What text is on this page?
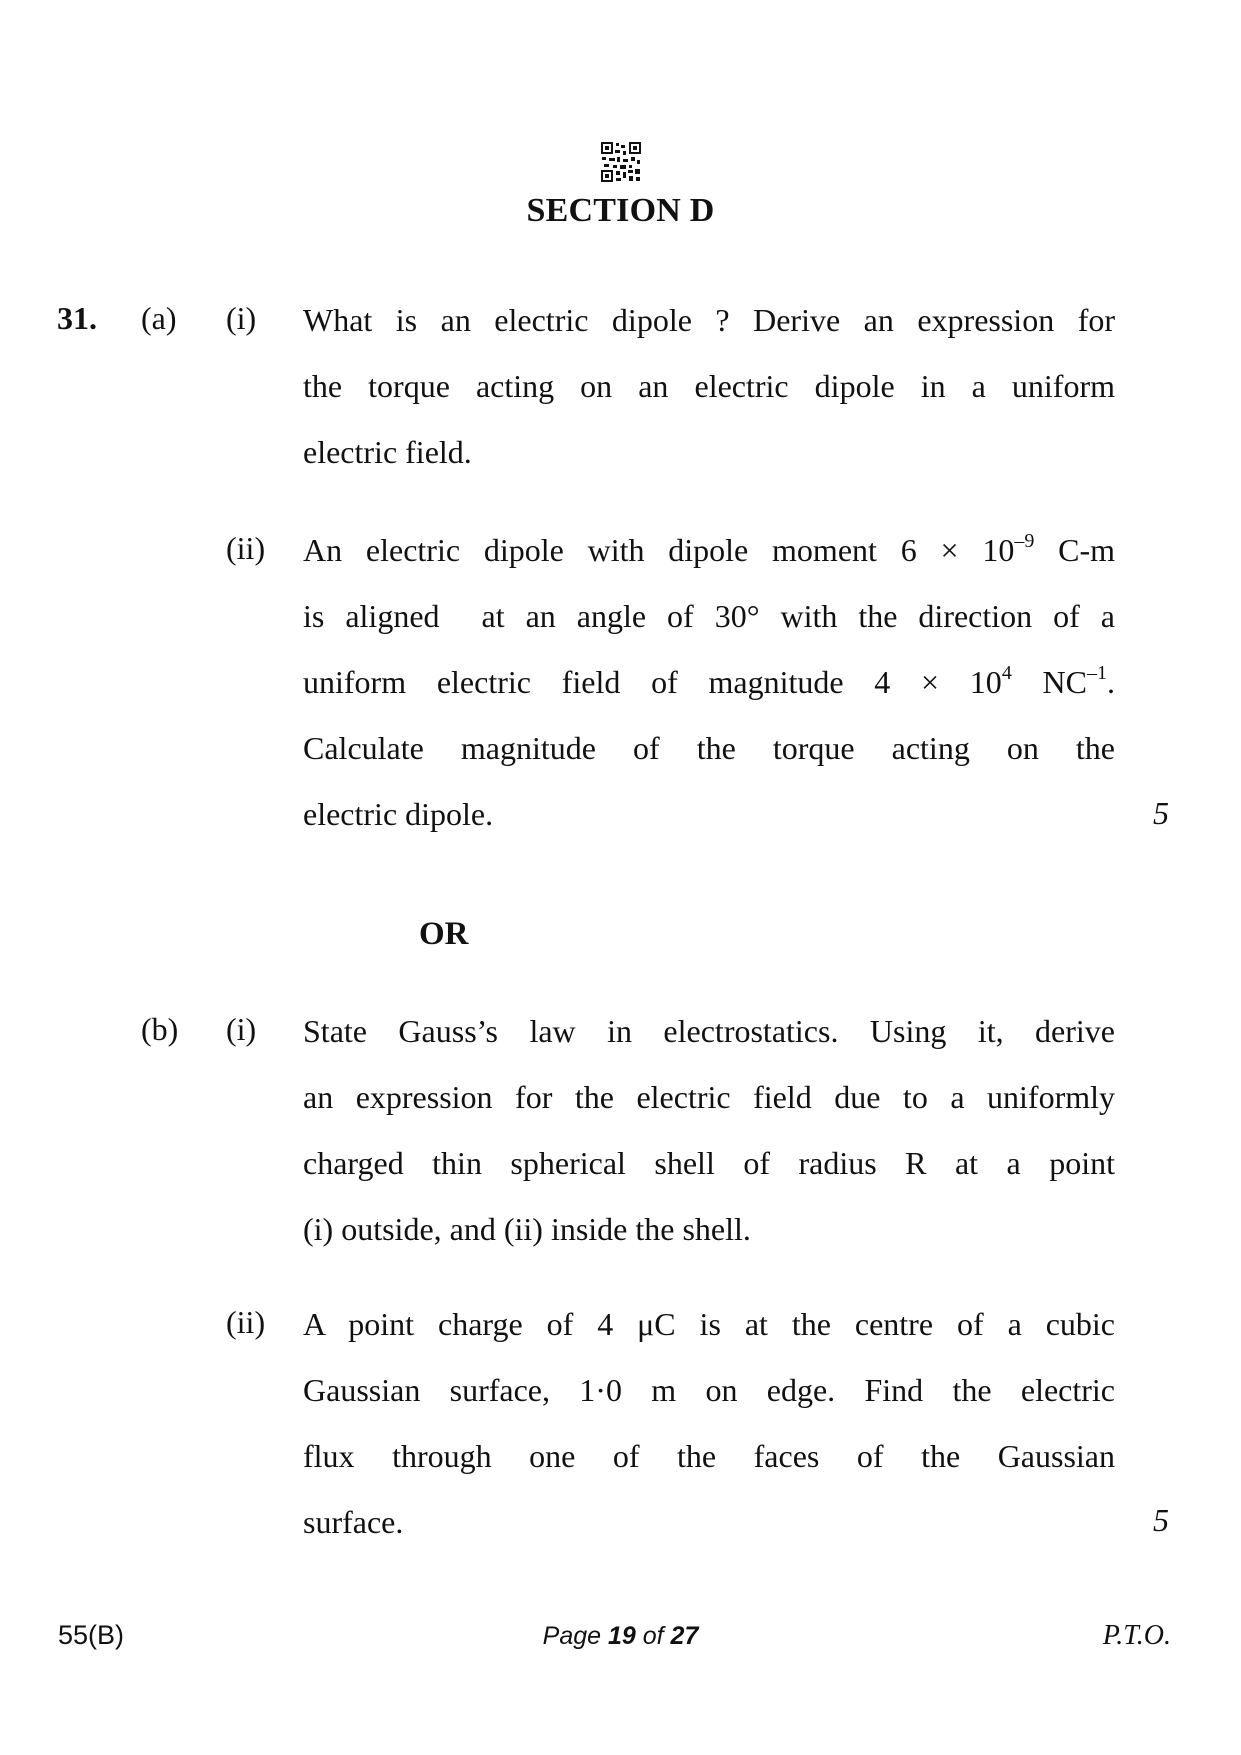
SECTION D
31. (a) (i) What is an electric dipole ? Derive an expression for
the torque acting on an electric dipole in a uniform
electric field.
(ii) An electric dipole with dipole moment $6 \times 10^{-9}$ C-m
is aligned  at an angle of 30° with the direction of a
uniform electric field of magnitude $4 \times 10^4$ $NC^{-1}$.
Calculate magnitude of the torque acting on the
electric dipole.	5
OR
(b) (i) State Gauss’s law in electrostatics. Using it, derive
an expression for the electric field due to a uniformly
charged thin spherical shell of radius R at a point
(i) outside, and (ii) inside the shell.
(ii) A point charge of 4 μC is at the centre of a cubic
Gaussian surface, 1·0 m on edge. Find the electric
flux through one of the faces of the Gaussian
surface.	5
55(B)	Page 19 of 27	P.T.O.
